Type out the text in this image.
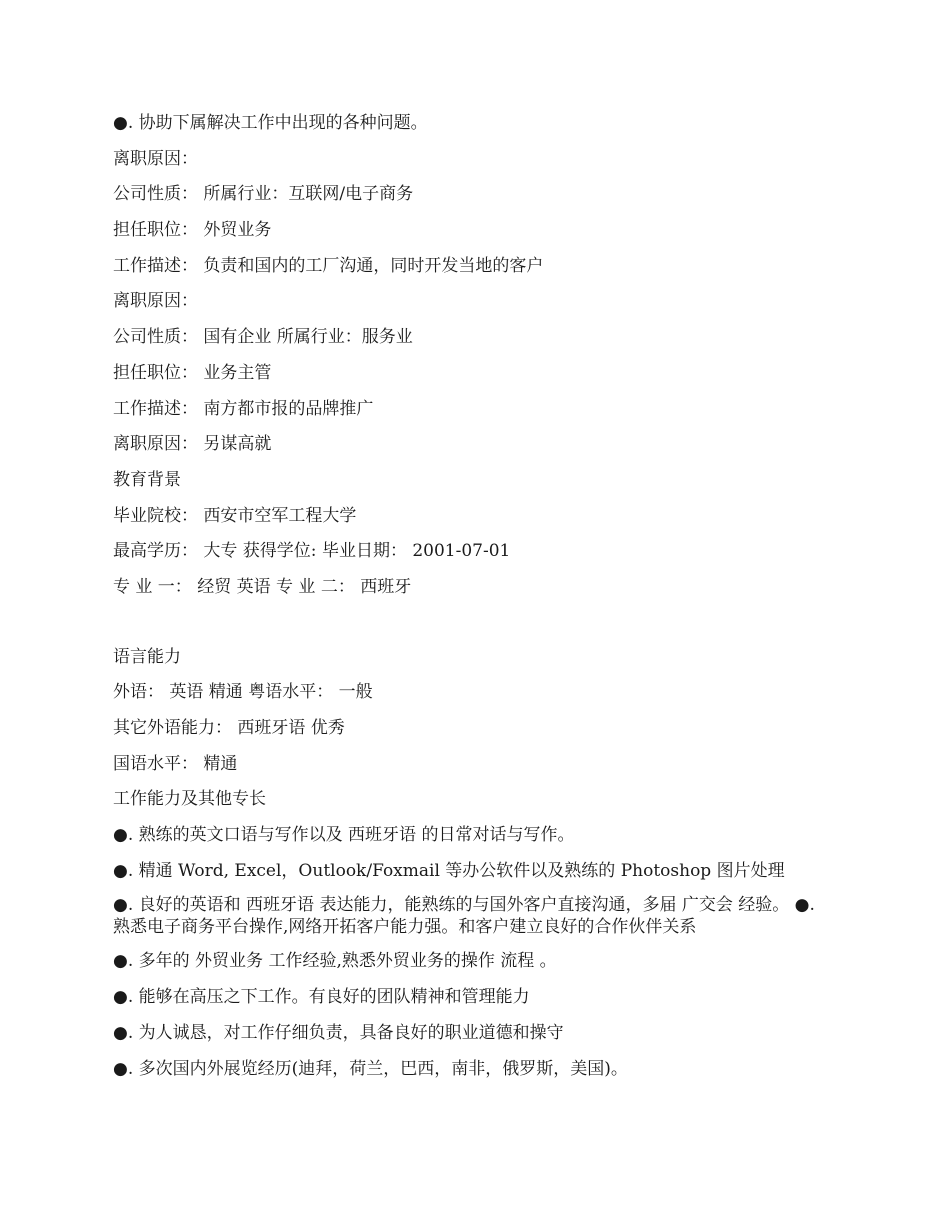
●. 协助下属解决工作中出现的各种问题。
离职原因：
公司性质： 所属行业：互联网/电子商务
担任职位： 外贸业务
工作描述： 负责和国内的工厂沟通，同时开发当地的客户
离职原因：
公司性质： 国有企业 所属行业：服务业
担任职位： 业务主管
工作描述： 南方都市报的品牌推广
离职原因： 另谋高就
教育背景
毕业院校： 西安市空军工程大学
最高学历： 大专 获得学位: 毕业日期： 2001-07-01
专 业 一： 经贸 英语 专 业 二： 西班牙
语言能力
外语： 英语 精通 粤语水平： 一般
其它外语能力： 西班牙语 优秀
国语水平： 精通
工作能力及其他专长
●. 熟练的英文口语与写作以及 西班牙语 的日常对话与写作。
●. 精通 Word, Excel，Outlook/Foxmail 等办公软件以及熟练的 Photoshop 图片处理
●. 良好的英语和 西班牙语 表达能力，能熟练的与国外客户直接沟通，多届 广交会 经验。 ●. 熟悉电子商务平台操作,网络开拓客户能力强。和客户建立良好的合作伙伴关系
●. 多年的 外贸业务 工作经验,熟悉外贸业务的操作 流程 。
●. 能够在高压之下工作。有良好的团队精神和管理能力
●. 为人诚恳，对工作仔细负责，具备良好的职业道德和操守
●. 多次国内外展览经历(迪拜，荷兰，巴西，南非，俄罗斯，美国)。
